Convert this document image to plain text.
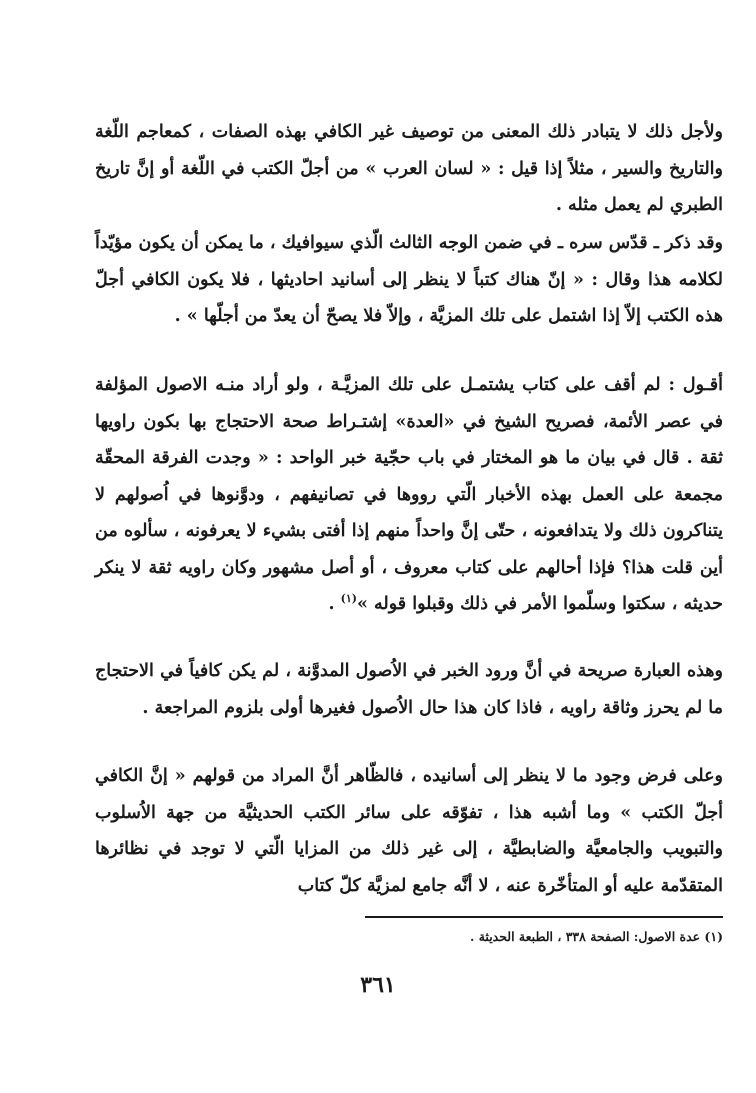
ولأجل ذلك لا يتبادر ذلك المعنى من توصيف غير الكافي بهذه الصفات ، كمعاجم اللّغة والتاريخ والسير ، مثلاً إذا قيل : « لسان العرب » من أجلّ الكتب في اللّغة أو إنَّ تاريخ الطبري لم يعمل مثله .

وقد ذكر ـ قدّس سره ـ في ضمن الوجه الثالث الّذي سيوافيك ، ما يمكن أن يكون مؤيّداً لكلامه هذا وقال : « إنّ هناك كتباً لا ينظر إلى أسانيد احاديثها ، فلا يكون الكافي أجلّ هذه الكتب إلاّ إذا اشتمل على تلك المزيَّة ، وإلاّ فلا يصحّ أن يعدّ من أجلّها » .

أقـول : لم أقف على كتاب يشتمـل على تلك المزيَّـة ، ولو أراد منـه الاصول المؤلفة في عصر الأئمة، فصريح الشيخ في «العدة» إشتـراط صحة الاحتجاج بها بكون راويها ثقة . قال في بيان ما هو المختار في باب حجّية خبر الواحد : « وجدت الفرقة المحقّة مجمعة على العمل بهذه الأخبار الّتي رووها في تصانيفهم ، ودوَّنوها في اُصولهم لا يتناكرون ذلك ولا يتدافعونه ، حتّى إنَّ واحداً منهم إذا أفتى بشيء لا يعرفونه ، سألوه من أين قلت هذا؟ فإذا أحالهم على كتاب معروف ، أو أصل مشهور وكان راويه ثقة لا ينكر حديثه ، سكتوا وسلّموا الأمر في ذلك وقبلوا قوله »$^{(١)}$ .

وهذه العبارة صريحة في أنَّ ورود الخبر في الاُصول المدوَّنة ، لم يكن كافياً في الاحتجاج ما لم يحرز وثاقة راويه ، فاذا كان هذا حال الاُصول فغيرها أولى بلزوم المراجعة .

وعلى فرض وجود ما لا ينظر إلى أسانيده ، فالظّاهر أنَّ المراد من قولهم « إنَّ الكافي أجلّ الكتب » وما أشبه هذا ، تفوّقه على سائر الكتب الحديثيَّة من جهة الاُسلوب والتبويب والجامعيَّة والضابطيَّة ، إلى غير ذلك من المزايا الّتي لا توجد في نظائرها المتقدّمة عليه أو المتأخّرة عنه ، لا أنَّه جامع لمزيَّة كلّ كتاب

(١) عدة الاصول: الصفحة ٣٣٨ ، الطبعة الحديثة .
٣٦١
